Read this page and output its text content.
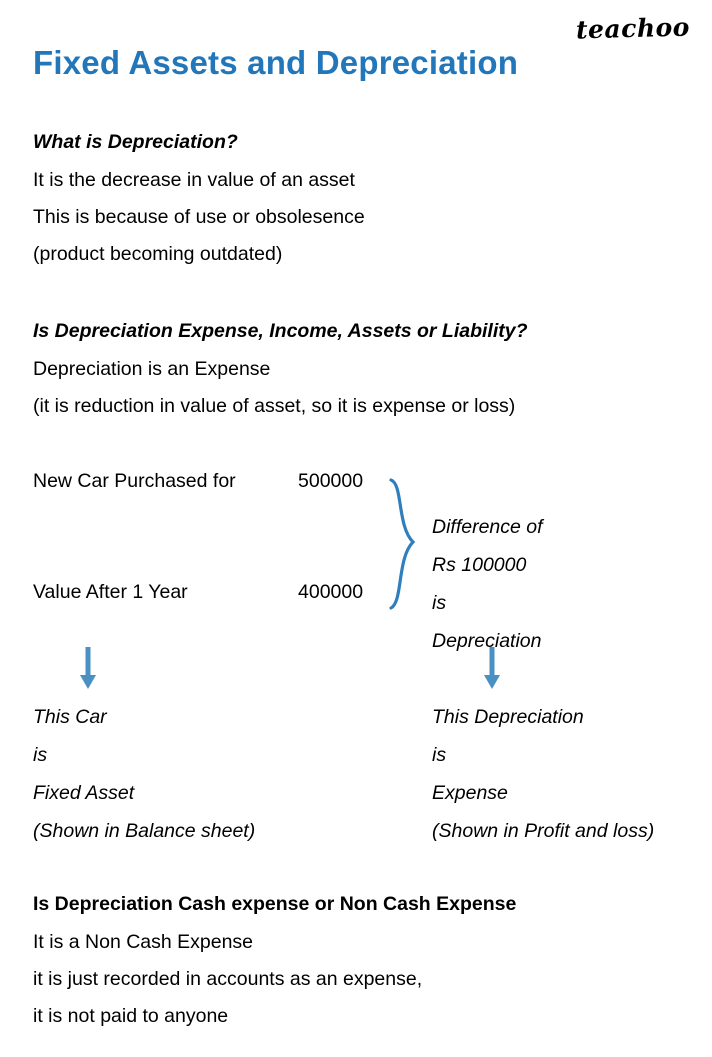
teachoo
Fixed Assets and Depreciation
What is Depreciation?
It is the decrease in value of an asset
This is because of use or obsolesence
(product becoming outdated)
Is Depreciation Expense, Income, Assets or Liability?
Depreciation is an Expense
(it is reduction in value of asset, so it is expense or loss)
New Car Purchased for	500000
Value After 1 Year	400000
Difference of
Rs 100000
is
Depreciation
This Car
is
Fixed Asset
(Shown in Balance sheet)
This Depreciation
is
Expense
(Shown in Profit and loss)
Is Depreciation Cash expense or Non Cash Expense
It is a Non Cash Expense
it is just recorded in accounts as an expense,
it is not paid to anyone
